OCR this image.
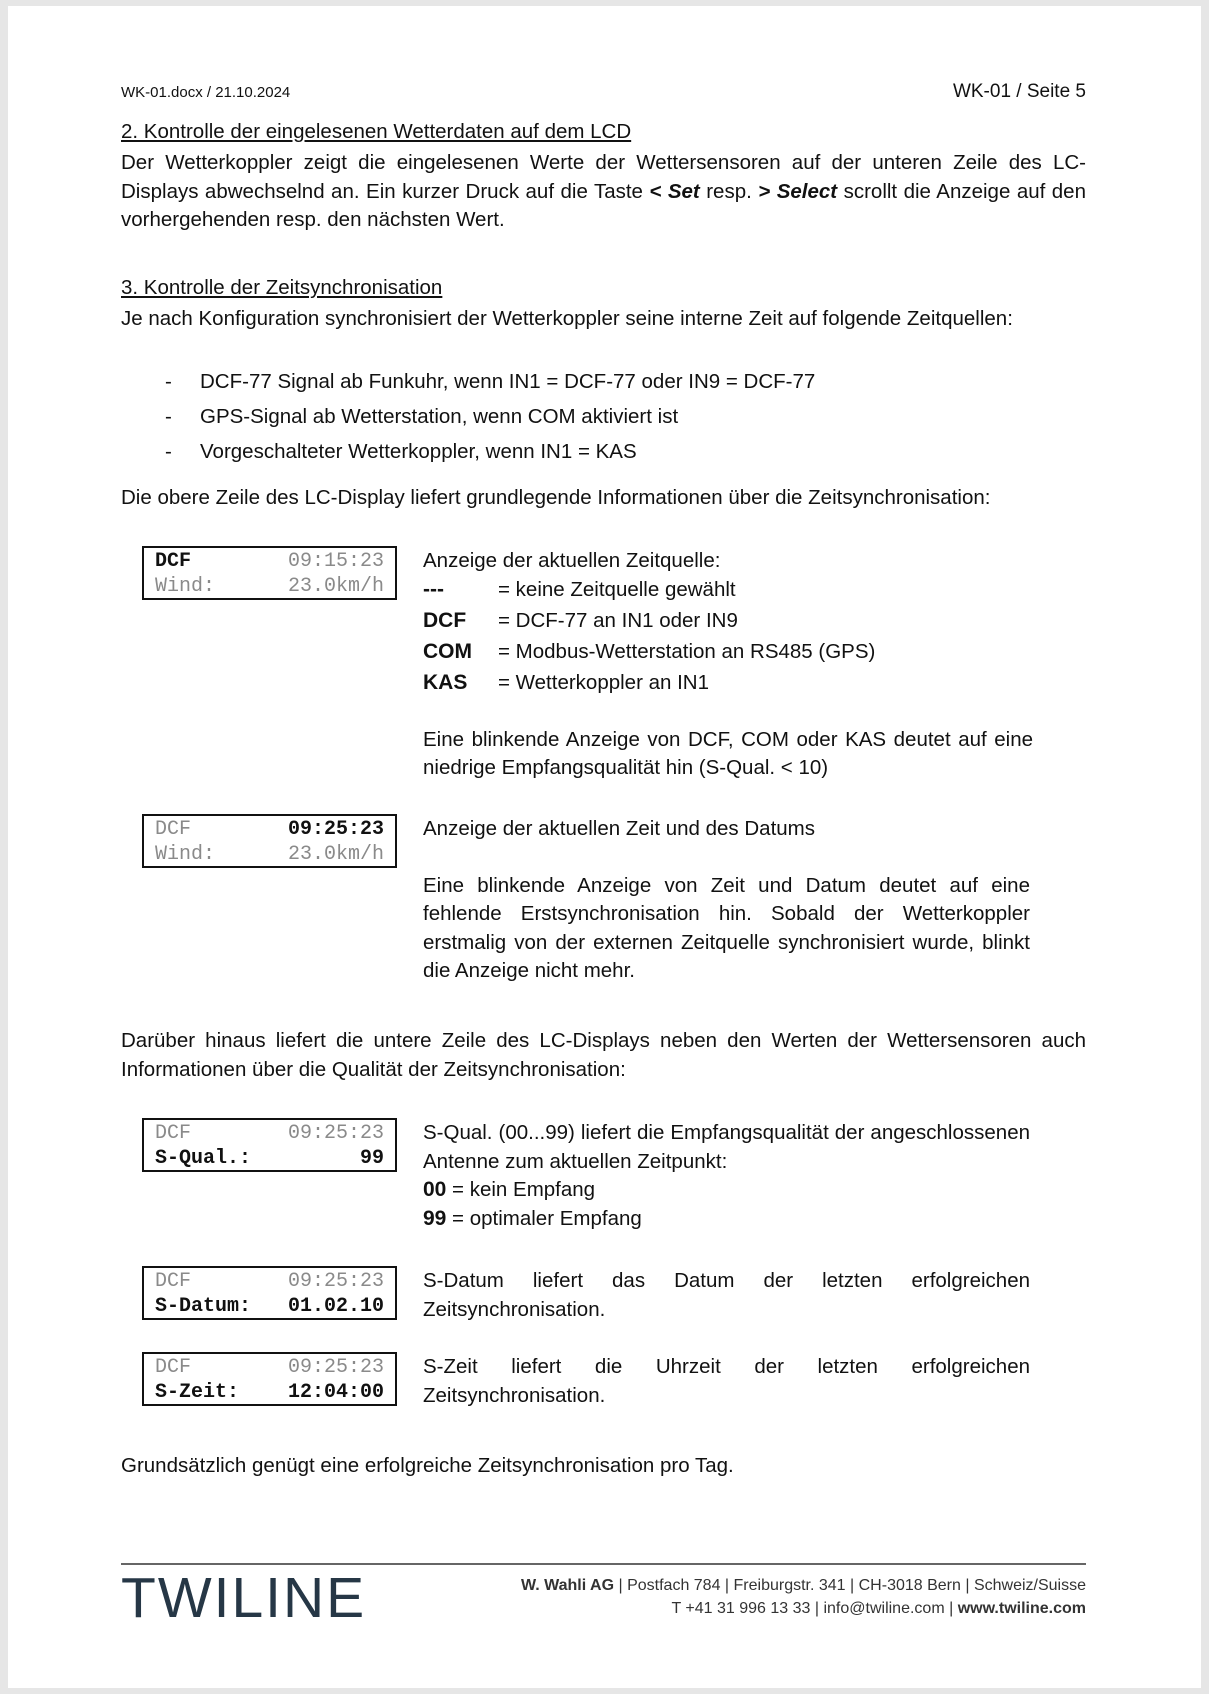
WK-01.docx / 21.10.2024	WK-01 / Seite 5
2. Kontrolle der eingelesenen Wetterdaten auf dem LCD
Der Wetterkoppler zeigt die eingelesenen Werte der Wettersensoren auf der unteren Zeile des LC-Displays abwechselnd an. Ein kurzer Druck auf die Taste < Set resp. > Select scrollt die Anzeige auf den vorhergehenden resp. den nächsten Wert.
3. Kontrolle der Zeitsynchronisation
Je nach Konfiguration synchronisiert der Wetterkoppler seine interne Zeit auf folgende Zeitquellen:
- DCF-77 Signal ab Funkuhr, wenn IN1 = DCF-77 oder IN9 = DCF-77
- GPS-Signal ab Wetterstation, wenn COM aktiviert ist
- Vorgeschalteter Wetterkoppler, wenn IN1 = KAS
Die obere Zeile des LC-Display liefert grundlegende Informationen über die Zeitsynchronisation:
DCF	09:15:23
Wind:	23.0km/h
Anzeige der aktuellen Zeitquelle:
---	= keine Zeitquelle gewählt
DCF	= DCF-77 an IN1 oder IN9
COM	= Modbus-Wetterstation an RS485 (GPS)
KAS	= Wetterkoppler an IN1
Eine blinkende Anzeige von DCF, COM oder KAS deutet auf eine niedrige Empfangsqualität hin (S-Qual. < 10)
DCF	09:25:23
Wind:	23.0km/h
Anzeige der aktuellen Zeit und des Datums
Eine blinkende Anzeige von Zeit und Datum deutet auf eine fehlende Erstsynchronisation hin. Sobald der Wetterkoppler erstmalig von der externen Zeitquelle synchronisiert wurde, blinkt die Anzeige nicht mehr.
Darüber hinaus liefert die untere Zeile des LC-Displays neben den Werten der Wettersensoren auch Informationen über die Qualität der Zeitsynchronisation:
DCF	09:25:23
S-Qual.:	99
S-Qual. (00...99) liefert die Empfangsqualität der angeschlossenen Antenne zum aktuellen Zeitpunkt:
00 = kein Empfang
99 = optimaler Empfang
DCF	09:25:23
S-Datum: 01.02.10
S-Datum liefert das Datum der letzten erfolgreichen Zeitsynchronisation.
DCF	09:25:23
S-Zeit: 12:04:00
S-Zeit liefert die Uhrzeit der letzten erfolgreichen Zeitsynchronisation.
Grundsätzlich genügt eine erfolgreiche Zeitsynchronisation pro Tag.
TWILINE	W. Wahli AG | Postfach 784 | Freiburgstr. 341 | CH-3018 Bern | Schweiz/Suisse
T +41 31 996 13 33 | info@twiline.com | www.twiline.com
